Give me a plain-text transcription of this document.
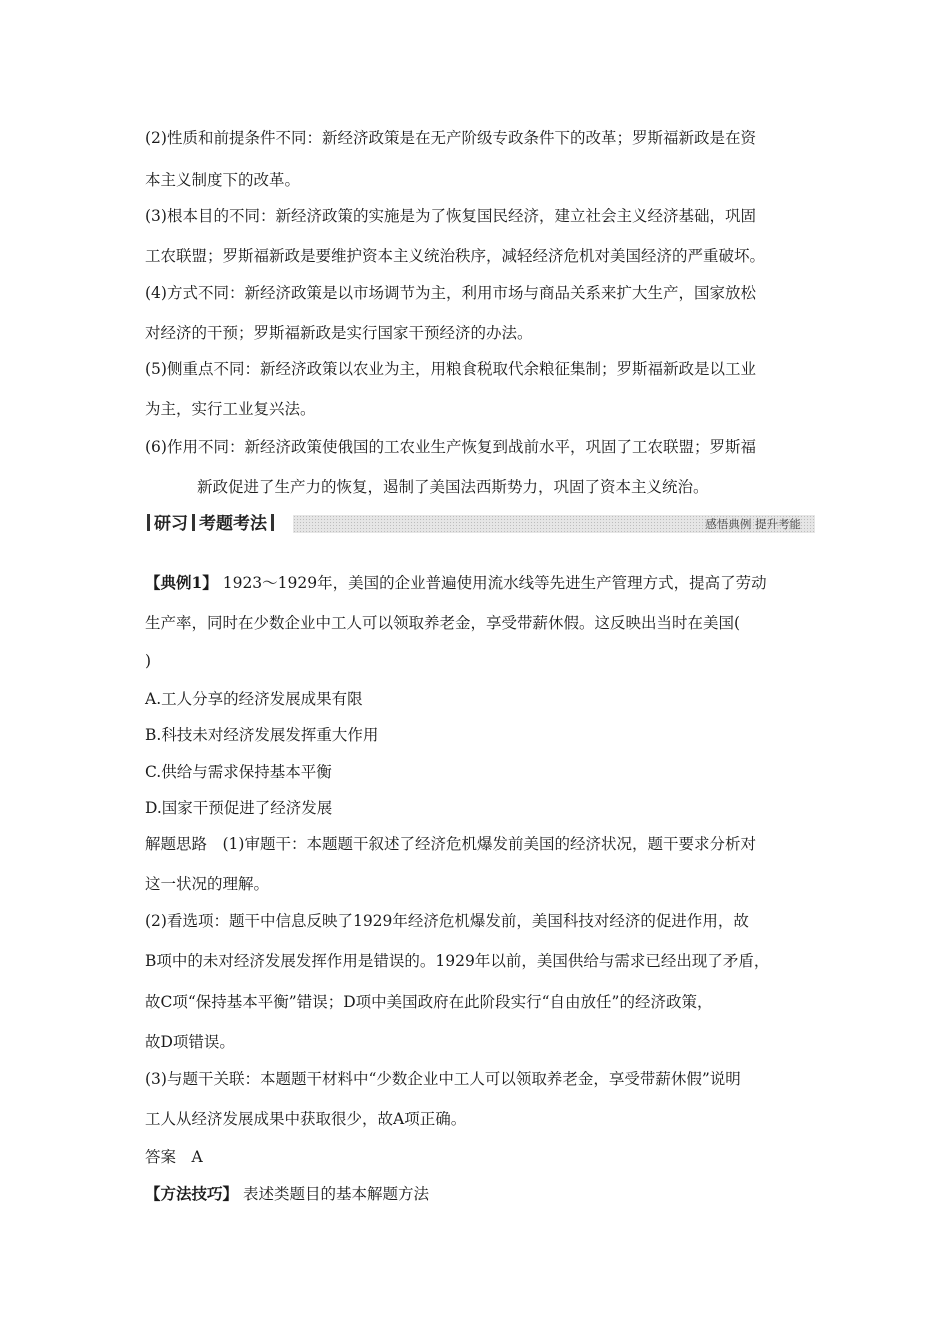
(2)性质和前提条件不同：新经济政策是在无产阶级专政条件下的改革；罗斯福新政是在资
本主义制度下的改革。
(3)根本目的不同：新经济政策的实施是为了恢复国民经济，建立社会主义经济基础，巩固
工农联盟；罗斯福新政是要维护资本主义统治秩序，减轻经济危机对美国经济的严重破坏。
(4)方式不同：新经济政策是以市场调节为主，利用市场与商品关系来扩大生产，国家放松
对经济的干预；罗斯福新政是实行国家干预经济的办法。
(5)侧重点不同：新经济政策以农业为主，用粮食税取代余粮征集制；罗斯福新政是以工业
为主，实行工业复兴法。
(6)作用不同：新经济政策使俄国的工农业生产恢复到战前水平，巩固了工农联盟；罗斯福
新政促进了生产力的恢复，遏制了美国法西斯势力，巩固了资本主义统治。
研习 考题考法	感悟典例 提升考能
【典例1】 1923～1929年，美国的企业普遍使用流水线等先进生产管理方式，提高了劳动
生产率，同时在少数企业中工人可以领取养老金，享受带薪休假。这反映出当时在美国(
)
A.工人分享的经济发展成果有限
B.科技未对经济发展发挥重大作用
C.供给与需求保持基本平衡
D.国家干预促进了经济发展
解题思路　(1)审题干：本题题干叙述了经济危机爆发前美国的经济状况，题干要求分析对
这一状况的理解。
(2)看选项：题干中信息反映了1929年经济危机爆发前，美国科技对经济的促进作用，故
B项中的未对经济发展发挥作用是错误的。1929年以前，美国供给与需求已经出现了矛盾，
故C项“保持基本平衡”错误；D项中美国政府在此阶段实行“自由放任”的经济政策，
故D项错误。
(3)与题干关联：本题题干材料中“少数企业中工人可以领取养老金，享受带薪休假”说明
工人从经济发展成果中获取很少，故A项正确。
答案　A
【方法技巧】 表述类题目的基本解题方法
